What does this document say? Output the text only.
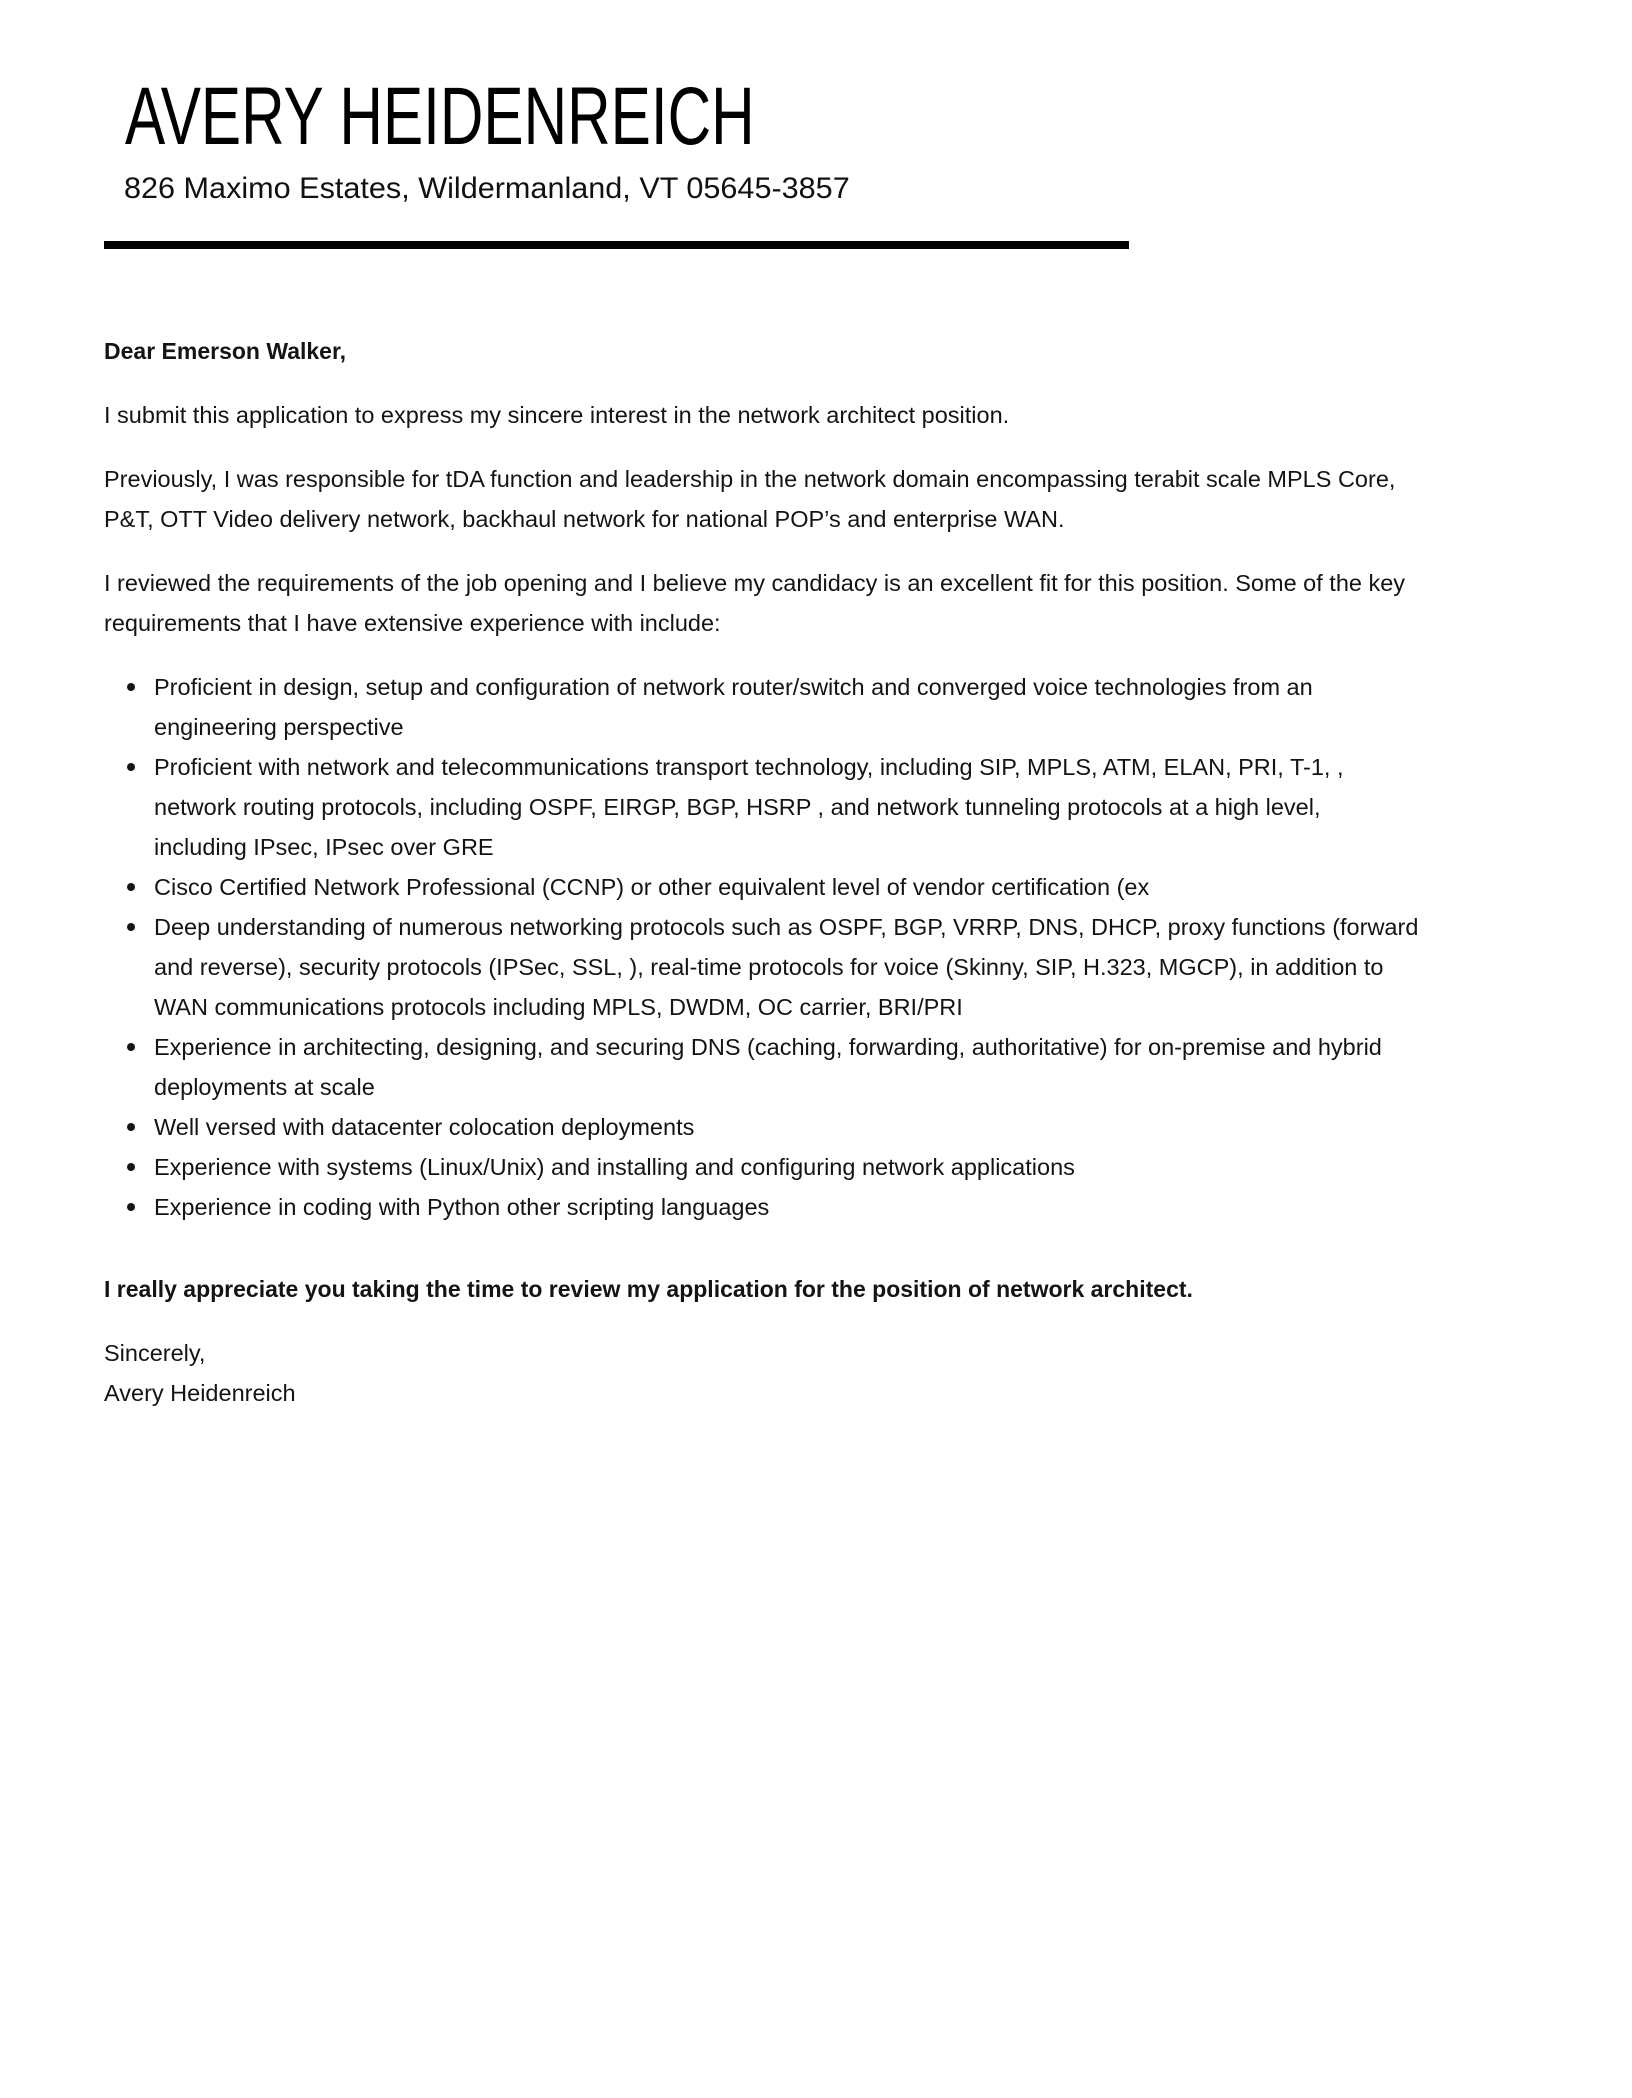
AVERY HEIDENREICH
826 Maximo Estates, Wildermanland, VT 05645-3857

Dear Emerson Walker,

I submit this application to express my sincere interest in the network architect position.

Previously, I was responsible for tDA function and leadership in the network domain encompassing terabit scale MPLS Core,
P&T, OTT Video delivery network, backhaul network for national POP’s and enterprise WAN.

I reviewed the requirements of the job opening and I believe my candidacy is an excellent fit for this position. Some of the key
requirements that I have extensive experience with include:

Proficient in design, setup and configuration of network router/switch and converged voice technologies from an
engineering perspective
Proficient with network and telecommunications transport technology, including SIP, MPLS, ATM, ELAN, PRI, T-1, ,
network routing protocols, including OSPF, EIRGP, BGP, HSRP , and network tunneling protocols at a high level,
including IPsec, IPsec over GRE
Cisco Certified Network Professional (CCNP) or other equivalent level of vendor certification (ex
Deep understanding of numerous networking protocols such as OSPF, BGP, VRRP, DNS, DHCP, proxy functions (forward
and reverse), security protocols (IPSec, SSL, ), real-time protocols for voice (Skinny, SIP, H.323, MGCP), in addition to
WAN communications protocols including MPLS, DWDM, OC carrier, BRI/PRI
Experience in architecting, designing, and securing DNS (caching, forwarding, authoritative) for on-premise and hybrid
deployments at scale
Well versed with datacenter colocation deployments
Experience with systems (Linux/Unix) and installing and configuring network applications
Experience in coding with Python other scripting languages

I really appreciate you taking the time to review my application for the position of network architect.

Sincerely,

Avery Heidenreich
